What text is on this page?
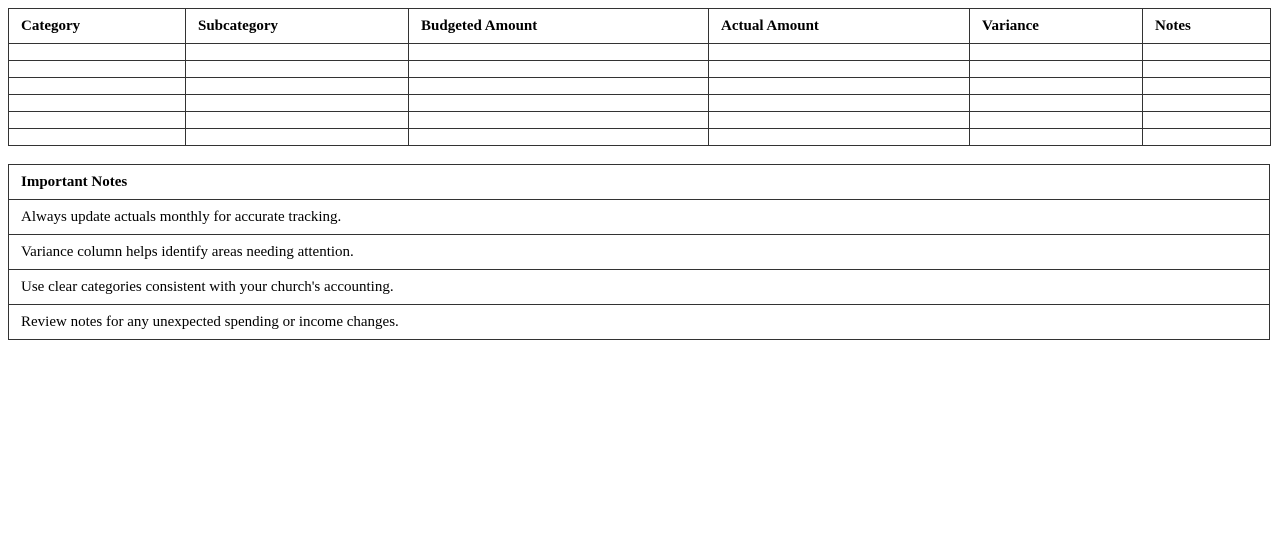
Category	Subcategory	Budgeted Amount	Actual Amount	Variance	Notes

Important Notes
Always update actuals monthly for accurate tracking.
Variance column helps identify areas needing attention.
Use clear categories consistent with your church's accounting.
Review notes for any unexpected spending or income changes.
